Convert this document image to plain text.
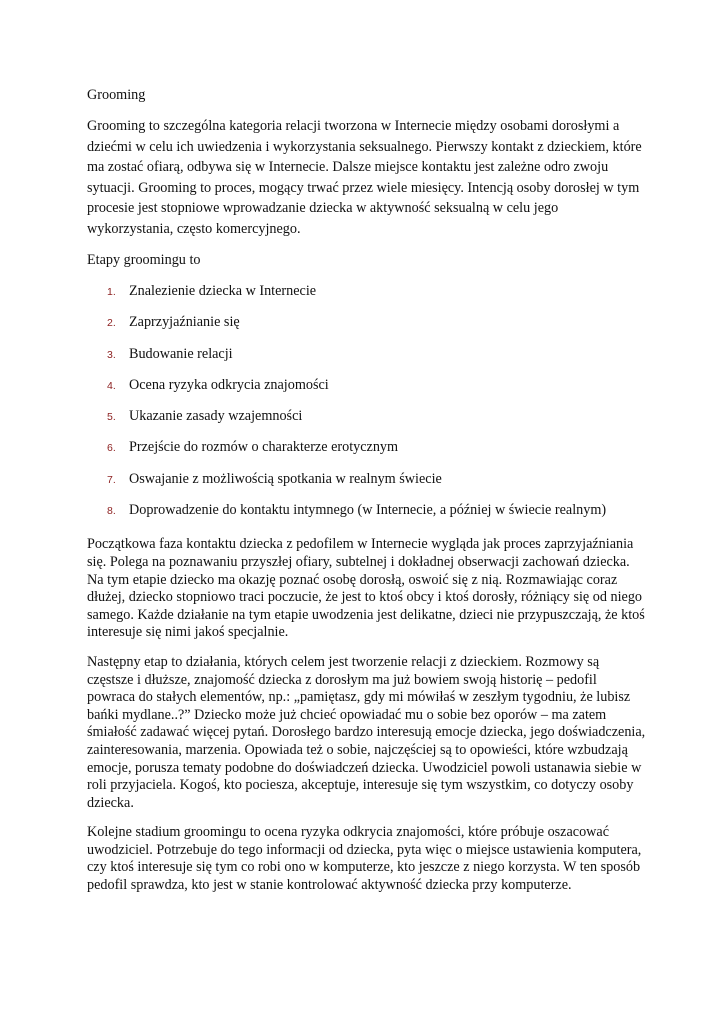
Grooming

Grooming to szczególna kategoria relacji tworzona w Internecie między osobami dorosłymi a dziećmi w celu ich uwiedzenia i wykorzystania seksualnego. Pierwszy kontakt z dzieckiem, które ma zostać ofiarą, odbywa się w Internecie. Dalsze miejsce kontaktu jest zależne odro zwoju sytuacji. Grooming to proces, mogący trwać przez wiele miesięcy. Intencją osoby dorosłej w tym procesie jest stopniowe wprowadzanie dziecka w aktywność seksualną w celu jego wykorzystania, często komercyjnego.

Etapy groomingu to

1. Znalezienie dziecka w Internecie
2. Zaprzyjaźnianie się
3. Budowanie relacji
4. Ocena ryzyka odkrycia znajomości
5. Ukazanie zasady wzajemności
6. Przejście do rozmów o charakterze erotycznym
7. Oswajanie z możliwością spotkania w realnym świecie
8. Doprowadzenie do kontaktu intymnego (w Internecie, a później w świecie realnym)

Początkowa faza kontaktu dziecka z pedofilem w Internecie wygląda jak proces zaprzyjaźniania się. Polega na poznawaniu przyszłej ofiary, subtelnej i dokładnej obserwacji zachowań dziecka. Na tym etapie dziecko ma okazję poznać osobę dorosłą, oswoić się z nią. Rozmawiając coraz dłużej, dziecko stopniowo traci poczucie, że jest to ktoś obcy i ktoś dorosły, różniący się od niego samego. Każde działanie na tym etapie uwodzenia jest delikatne, dzieci nie przypuszczają, że ktoś interesuje się nimi jakoś specjalnie.

Następny etap to działania, których celem jest tworzenie relacji z dzieckiem. Rozmowy są częstsze i dłuższe, znajomość dziecka z dorosłym ma już bowiem swoją historię – pedofil powraca do stałych elementów, np.: „pamiętasz, gdy mi mówiłaś w zeszłym tygodniu, że lubisz bańki mydlane..?” Dziecko może już chcieć opowiadać mu o sobie bez oporów – ma zatem śmiałość zadawać więcej pytań. Dorosłego bardzo interesują emocje dziecka, jego doświadczenia, zainteresowania, marzenia. Opowiada też o sobie, najczęściej są to opowieści, które wzbudzają emocje, porusza tematy podobne do doświadczeń dziecka. Uwodziciel powoli ustanawia siebie w roli przyjaciela. Kogoś, kto pociesza, akceptuje, interesuje się tym wszystkim, co dotyczy osoby dziecka.

Kolejne stadium groomingu to ocena ryzyka odkrycia znajomości, które próbuje oszacować uwodziciel. Potrzebuje do tego informacji od dziecka, pyta więc o miejsce ustawienia komputera, czy ktoś interesuje się tym co robi ono w komputerze, kto jeszcze z niego korzysta. W ten sposób pedofil sprawdza, kto jest w stanie kontrolować aktywność dziecka przy komputerze.
